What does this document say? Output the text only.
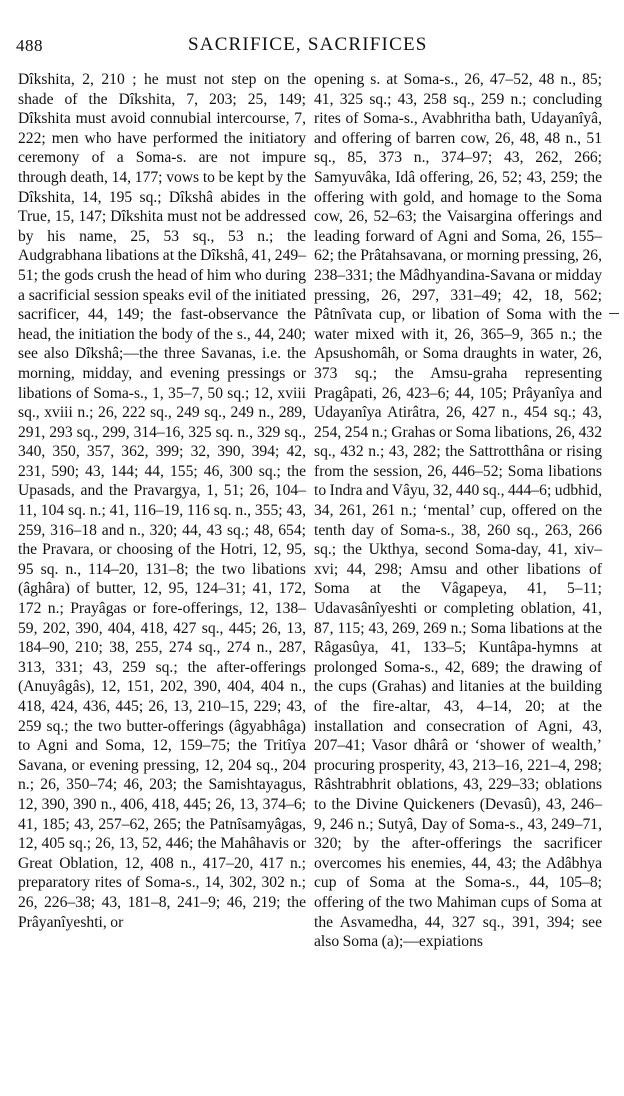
488	SACRIFICE, SACRIFICES

Dîkshita, 2, 210 ; he must not step on the shade of the Dîkshita, 7, 203; 25, 149; Dîkshita must avoid connubial intercourse, 7, 222; men who have performed the initiatory ceremony of a Soma-s. are not impure through death, 14, 177; vows to be kept by the Dîkshita, 14, 195 sq.; Dîkshâ abides in the True, 15, 147; Dîkshita must not be addressed by his name, 25, 53 sq., 53 n.; the Audgrabhana libations at the Dîkshâ, 41, 249–51; the gods crush the head of him who during a sacrificial session speaks evil of the initiated sacrificer, 44, 149; the fast-observance the head, the initiation the body of the s., 44, 240; see also Dîkshâ;—the three Savanas, i.e. the morning, midday, and evening pressings or libations of Soma-s., 1, 35–7, 50 sq.; 12, xviii sq., xviii n.; 26, 222 sq., 249 sq., 249 n., 289, 291, 293 sq., 299, 314–16, 325 sq. n., 329 sq., 340, 350, 357, 362, 399; 32, 390, 394; 42, 231, 590; 43, 144; 44, 155; 46, 300 sq.; the Upasads, and the Pravargya, 1, 51; 26, 104–11, 104 sq. n.; 41, 116–19, 116 sq. n., 355; 43, 259, 316–18 and n., 320; 44, 43 sq.; 48, 654; the Pravara, or choosing of the Hotri, 12, 95, 95 sq. n., 114–20, 131–8; the two libations (âghâra) of butter, 12, 95, 124–31; 41, 172, 172 n.; Prayâgas or fore-offerings, 12, 138–59, 202, 390, 404, 418, 427 sq., 445; 26, 13, 184–90, 210; 38, 255, 274 sq., 274 n., 287, 313, 331; 43, 259 sq.; the after-offerings (Anuyâgâs), 12, 151, 202, 390, 404, 404 n., 418, 424, 436, 445; 26, 13, 210–15, 229; 43, 259 sq.; the two butter-offerings (âgyabhâga) to Agni and Soma, 12, 159–75; the Tritîya Savana, or evening pressing, 12, 204 sq., 204 n.; 26, 350–74; 46, 203; the Samishtayagus, 12, 390, 390 n., 406, 418, 445; 26, 13, 374–6; 41, 185; 43, 257–62, 265; the Patnîsamyâgas, 12, 405 sq.; 26, 13, 52, 446; the Mahâhavis or Great Oblation, 12, 408 n., 417–20, 417 n.; preparatory rites of Soma-s., 14, 302, 302 n.; 26, 226–38; 43, 181–8, 241–9; 46, 219; the Prâyanîyeshti, or

opening s. at Soma-s., 26, 47–52, 48 n., 85; 41, 325 sq.; 43, 258 sq., 259 n.; concluding rites of Soma-s., Avabhritha bath, Udayanîyâ, and offering of barren cow, 26, 48, 48 n., 51 sq., 85, 373 n., 374–97; 43, 262, 266; Samyuvâka, Idâ offering, 26, 52; 43, 259; the offering with gold, and homage to the Soma cow, 26, 52–63; the Vaisargina offerings and leading forward of Agni and Soma, 26, 155–62; the Prâtahsavana, or morning pressing, 26, 238–331; the Mâdhyandina-Savana or midday pressing, 26, 297, 331–49; 42, 18, 562; Pâtnîvata cup, or libation of Soma with the water mixed with it, 26, 365–9, 365 n.; the Apsushomâh, or Soma draughts in water, 26, 373 sq.; the Amsu-graha representing Pragâpati, 26, 423–6; 44, 105; Prâyanîya and Udayanîya Atirâtra, 26, 427 n., 454 sq.; 43, 254, 254 n.; Grahas or Soma libations, 26, 432 sq., 432 n.; 43, 282; the Sattrotthâna or rising from the session, 26, 446–52; Soma libations to Indra and Vâyu, 32, 440 sq., 444–6; udbhid, 34, 261, 261 n.; ‘mental’ cup, offered on the tenth day of Soma-s., 38, 260 sq., 263, 266 sq.; the Ukthya, second Soma-day, 41, xiv–xvi; 44, 298; Amsu and other libations of Soma at the Vâgapeya, 41, 5–11; Udavasânîyeshti or completing oblation, 41, 87, 115; 43, 269, 269 n.; Soma libations at the Râgasûya, 41, 133–5; Kuntâpa-hymns at prolonged Soma-s., 42, 689; the drawing of the cups (Grahas) and litanies at the building of the fire-altar, 43, 4–14, 20; at the installation and consecration of Agni, 43, 207–41; Vasor dhârâ or ‘shower of wealth,’ procuring prosperity, 43, 213–16, 221–4, 298; Râshtrabhrit oblations, 43, 229–33; oblations to the Divine Quickeners (Devasû), 43, 246–9, 246 n.; Sutyâ, Day of Soma-s., 43, 249–71, 320; by the after-offerings the sacrificer overcomes his enemies, 44, 43; the Adâbhya cup of Soma at the Soma-s., 44, 105–8; offering of the two Mahiman cups of Soma at the Asvamedha, 44, 327 sq., 391, 394; see also Soma (a);—expiations
